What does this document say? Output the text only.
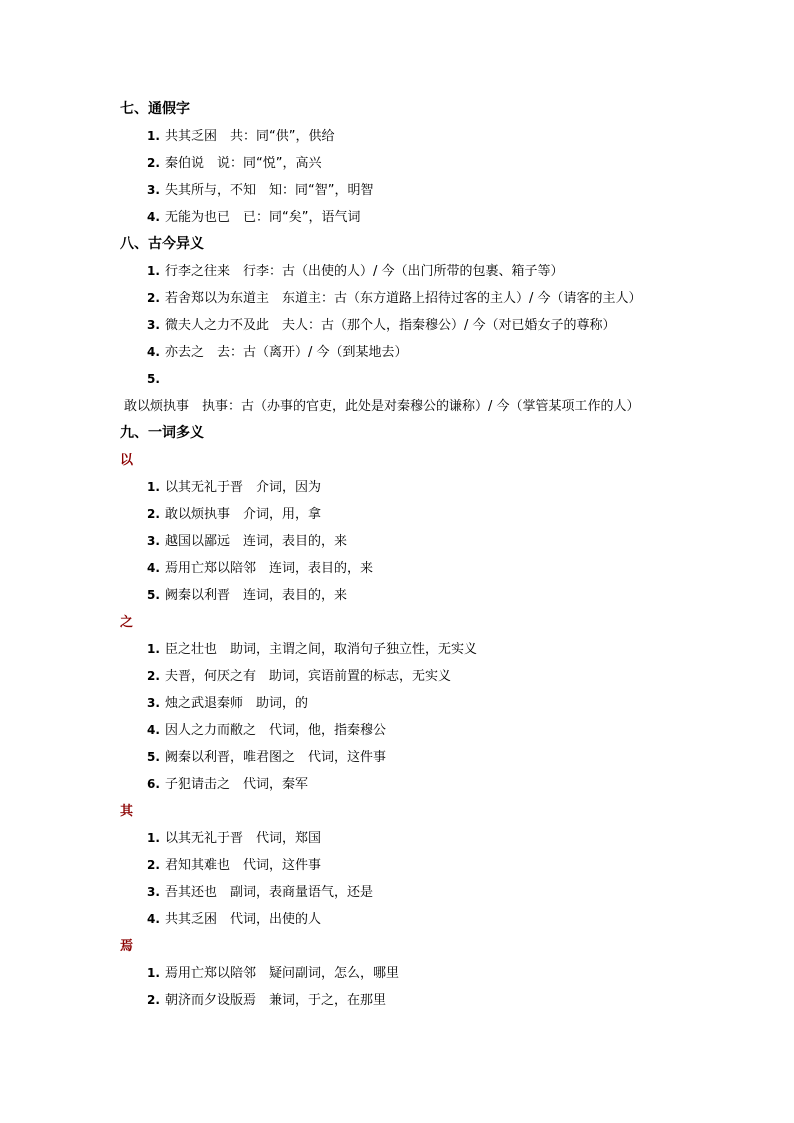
七、通假字
1. 共其乏困　共：同“供”，供给
2. 秦伯说　说：同“悦”，高兴
3. 失其所与，不知　知：同“智”，明智
4. 无能为也已　已：同“矣”，语气词
八、古今异义
1. 行李之往来　行李：古（出使的人）/ 今（出门所带的包裹、箱子等）
2. 若舍郑以为东道主　东道主：古（东方道路上招待过客的主人）/ 今（请客的主人）
3. 微夫人之力不及此　夫人：古（那个人，指秦穆公）/ 今（对已婚女子的尊称）
4. 亦去之　去：古（离开）/ 今（到某地去）
5.敢以烦执事　执事：古（办事的官吏，此处是对秦穆公的谦称）/ 今（掌管某项工作的人）
九、一词多义
以
1. 以其无礼于晋　介词，因为
2. 敢以烦执事　介词，用，拿
3. 越国以鄙远　连词，表目的，来
4. 焉用亡郑以陪邻　连词，表目的，来
5. 阙秦以利晋　连词，表目的，来
之
1. 臣之壮也　助词，主谓之间，取消句子独立性，无实义
2. 夫晋，何厌之有　助词，宾语前置的标志，无实义
3. 烛之武退秦师　助词，的
4. 因人之力而敝之　代词，他，指秦穆公
5. 阙秦以利晋，唯君图之　代词，这件事
6. 子犯请击之　代词，秦军
其
1. 以其无礼于晋　代词，郑国
2. 君知其难也　代词，这件事
3. 吾其还也　副词，表商量语气，还是
4. 共其乏困　代词，出使的人
焉
1. 焉用亡郑以陪邻　疑问副词，怎么，哪里
2. 朝济而夕设版焉　兼词，于之，在那里
